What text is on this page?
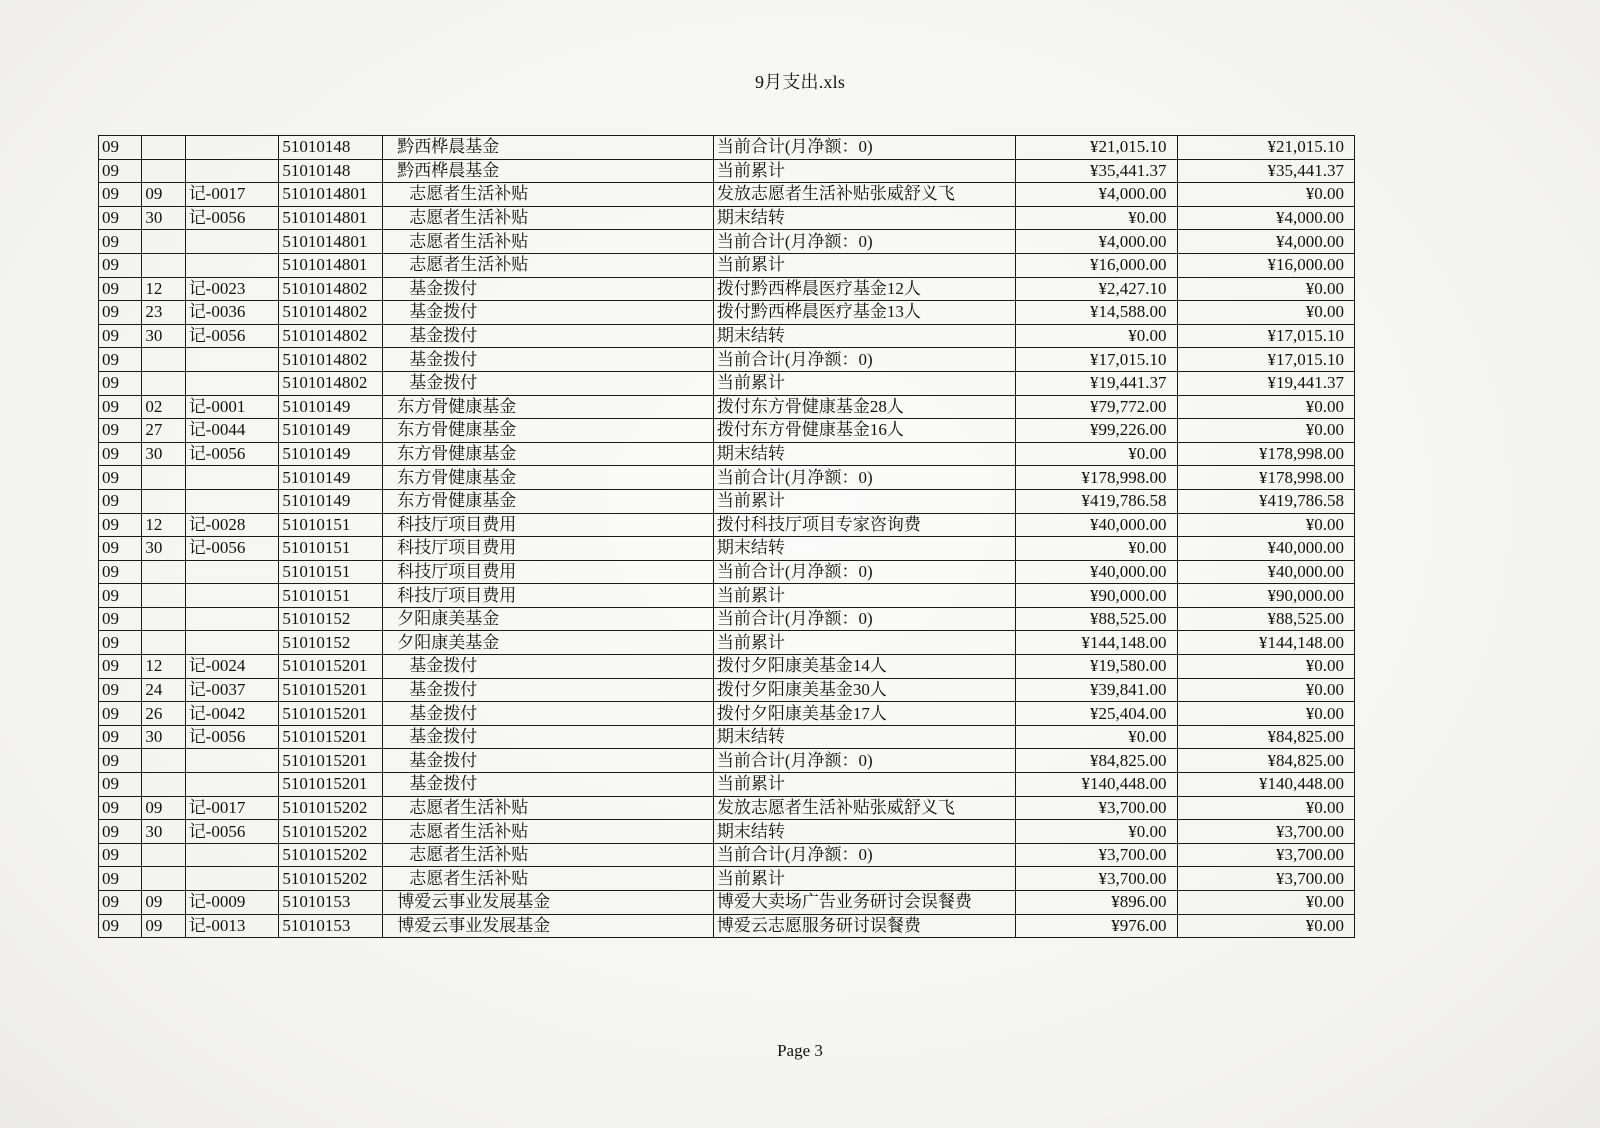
9月支出.xls
09			51010148	黔西桦晨基金	当前合计(月净额：0)	¥21,015.10	¥21,015.10
09			51010148	黔西桦晨基金	当前累计	¥35,441.37	¥35,441.37
09	09	记-0017	5101014801	志愿者生活补贴	发放志愿者生活补贴张威舒义飞	¥4,000.00	¥0.00
09	30	记-0056	5101014801	志愿者生活补贴	期末结转	¥0.00	¥4,000.00
09			5101014801	志愿者生活补贴	当前合计(月净额：0)	¥4,000.00	¥4,000.00
09			5101014801	志愿者生活补贴	当前累计	¥16,000.00	¥16,000.00
09	12	记-0023	5101014802	基金拨付	拨付黔西桦晨医疗基金12人	¥2,427.10	¥0.00
09	23	记-0036	5101014802	基金拨付	拨付黔西桦晨医疗基金13人	¥14,588.00	¥0.00
09	30	记-0056	5101014802	基金拨付	期末结转	¥0.00	¥17,015.10
09			5101014802	基金拨付	当前合计(月净额：0)	¥17,015.10	¥17,015.10
09			5101014802	基金拨付	当前累计	¥19,441.37	¥19,441.37
09	02	记-0001	51010149	东方骨健康基金	拨付东方骨健康基金28人	¥79,772.00	¥0.00
09	27	记-0044	51010149	东方骨健康基金	拨付东方骨健康基金16人	¥99,226.00	¥0.00
09	30	记-0056	51010149	东方骨健康基金	期末结转	¥0.00	¥178,998.00
09			51010149	东方骨健康基金	当前合计(月净额：0)	¥178,998.00	¥178,998.00
09			51010149	东方骨健康基金	当前累计	¥419,786.58	¥419,786.58
09	12	记-0028	51010151	科技厅项目费用	拨付科技厅项目专家咨询费	¥40,000.00	¥0.00
09	30	记-0056	51010151	科技厅项目费用	期末结转	¥0.00	¥40,000.00
09			51010151	科技厅项目费用	当前合计(月净额：0)	¥40,000.00	¥40,000.00
09			51010151	科技厅项目费用	当前累计	¥90,000.00	¥90,000.00
09			51010152	夕阳康美基金	当前合计(月净额：0)	¥88,525.00	¥88,525.00
09			51010152	夕阳康美基金	当前累计	¥144,148.00	¥144,148.00
09	12	记-0024	5101015201	基金拨付	拨付夕阳康美基金14人	¥19,580.00	¥0.00
09	24	记-0037	5101015201	基金拨付	拨付夕阳康美基金30人	¥39,841.00	¥0.00
09	26	记-0042	5101015201	基金拨付	拨付夕阳康美基金17人	¥25,404.00	¥0.00
09	30	记-0056	5101015201	基金拨付	期末结转	¥0.00	¥84,825.00
09			5101015201	基金拨付	当前合计(月净额：0)	¥84,825.00	¥84,825.00
09			5101015201	基金拨付	当前累计	¥140,448.00	¥140,448.00
09	09	记-0017	5101015202	志愿者生活补贴	发放志愿者生活补贴张威舒义飞	¥3,700.00	¥0.00
09	30	记-0056	5101015202	志愿者生活补贴	期末结转	¥0.00	¥3,700.00
09			5101015202	志愿者生活补贴	当前合计(月净额：0)	¥3,700.00	¥3,700.00
09			5101015202	志愿者生活补贴	当前累计	¥3,700.00	¥3,700.00
09	09	记-0009	51010153	博爱云事业发展基金	博爱大卖场广告业务研讨会误餐费	¥896.00	¥0.00
09	09	记-0013	51010153	博爱云事业发展基金	博爱云志愿服务研讨误餐费	¥976.00	¥0.00
Page 3
